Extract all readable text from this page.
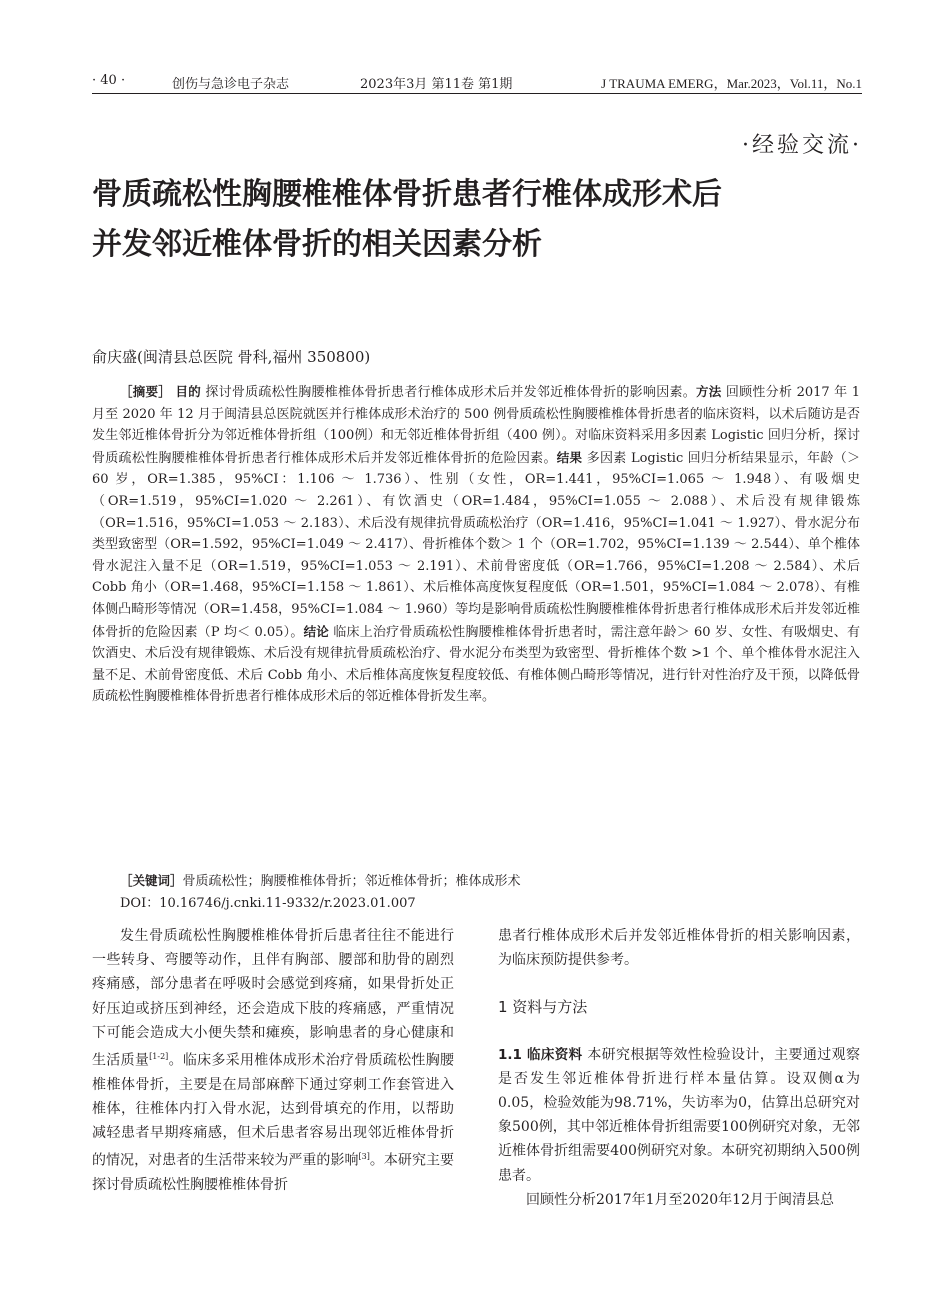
· 40 ·	创伤与急诊电子杂志	2023年3月 第11卷 第1期	J TRAUMA EMERG，Mar.2023，Vol.11，No.1
·经验交流·
骨质疏松性胸腰椎椎体骨折患者行椎体成形术后并发邻近椎体骨折的相关因素分析
俞庆盛(闽清县总医院 骨科,福州 350800)

［摘要］ 目的 探讨骨质疏松性胸腰椎椎体骨折患者行椎体成形术后并发邻近椎体骨折的影响因素。方法 回顾性分析 2017 年 1 月至 2020 年 12 月于闽清县总医院就医并行椎体成形术治疗的 500 例骨质疏松性胸腰椎椎体骨折患者的临床资料，以术后随访是否发生邻近椎体骨折分为邻近椎体骨折组（100例）和无邻近椎体骨折组（400 例）。对临床资料采用多因素 Logistic 回归分析，探讨骨质疏松性胸腰椎椎体骨折患者行椎体成形术后并发邻近椎体骨折的危险因素。结果 多因素 Logistic 回归分析结果显示，年龄（＞ 60 岁，OR=1.385，95%CI：1.106 ～ 1.736）、性别（女性，OR=1.441，95%CI=1.065 ～ 1.948）、有吸烟史（OR=1.519，95%CI=1.020 ～ 2.261）、有饮酒史（OR=1.484，95%CI=1.055 ～ 2.088）、术后没有规律锻炼（OR=1.516，95%CI=1.053 ～ 2.183）、术后没有规律抗骨质疏松治疗（OR=1.416，95%CI=1.041 ～ 1.927）、骨水泥分布类型致密型（OR=1.592，95%CI=1.049 ～ 2.417）、骨折椎体个数＞ 1 个（OR=1.702，95%CI=1.139 ～ 2.544）、单个椎体骨水泥注入量不足（OR=1.519，95%CI=1.053 ～ 2.191）、术前骨密度低（OR=1.766，95%CI=1.208 ～ 2.584）、术后 Cobb 角小（OR=1.468，95%CI=1.158 ～ 1.861）、术后椎体高度恢复程度低（OR=1.501，95%CI=1.084 ～ 2.078）、有椎体侧凸畸形等情况（OR=1.458，95%CI=1.084 ～ 1.960）等均是影响骨质疏松性胸腰椎椎体骨折患者行椎体成形术后并发邻近椎体骨折的危险因素（P 均＜ 0.05）。结论 临床上治疗骨质疏松性胸腰椎椎体骨折患者时，需注意年龄＞ 60 岁、女性、有吸烟史、有饮酒史、术后没有规律锻炼、术后没有规律抗骨质疏松治疗、骨水泥分布类型为致密型、骨折椎体个数 >1 个、单个椎体骨水泥注入量不足、术前骨密度低、术后 Cobb 角小、术后椎体高度恢复程度较低、有椎体侧凸畸形等情况，进行针对性治疗及干预，以降低骨质疏松性胸腰椎椎体骨折患者行椎体成形术后的邻近椎体骨折发生率。

［关键词］骨质疏松性；胸腰椎椎体骨折；邻近椎体骨折；椎体成形术
DOI：10.16746/j.cnki.11-9332/r.2023.01.007

发生骨质疏松性胸腰椎椎体骨折后患者往往不能进行一些转身、弯腰等动作，且伴有胸部、腰部和肋骨的剧烈疼痛感，部分患者在呼吸时会感觉到疼痛，如果骨折处正好压迫或挤压到神经，还会造成下肢的疼痛感，严重情况下可能会造成大小便失禁和瘫痪，影响患者的身心健康和生活质量[1-2]。临床多采用椎体成形术治疗骨质疏松性胸腰椎椎体骨折，主要是在局部麻醉下通过穿刺工作套管进入椎体，往椎体内打入骨水泥，达到骨填充的作用，以帮助减轻患者早期疼痛感，但术后患者容易出现邻近椎体骨折的情况，对患者的生活带来较为严重的影响[3]。本研究主要探讨骨质疏松性胸腰椎椎体骨折

患者行椎体成形术后并发邻近椎体骨折的相关影响因素，为临床预防提供参考。

1 资料与方法

1.1 临床资料 本研究根据等效性检验设计，主要通过观察是否发生邻近椎体骨折进行样本量估算。设双侧α为0.05，检验效能为98.71%，失访率为0，估算出总研究对象500例，其中邻近椎体骨折组需要100例研究对象，无邻近椎体骨折组需要400例研究对象。本研究初期纳入500例患者。

回顾性分析2017年1月至2020年12月于闽清县总
